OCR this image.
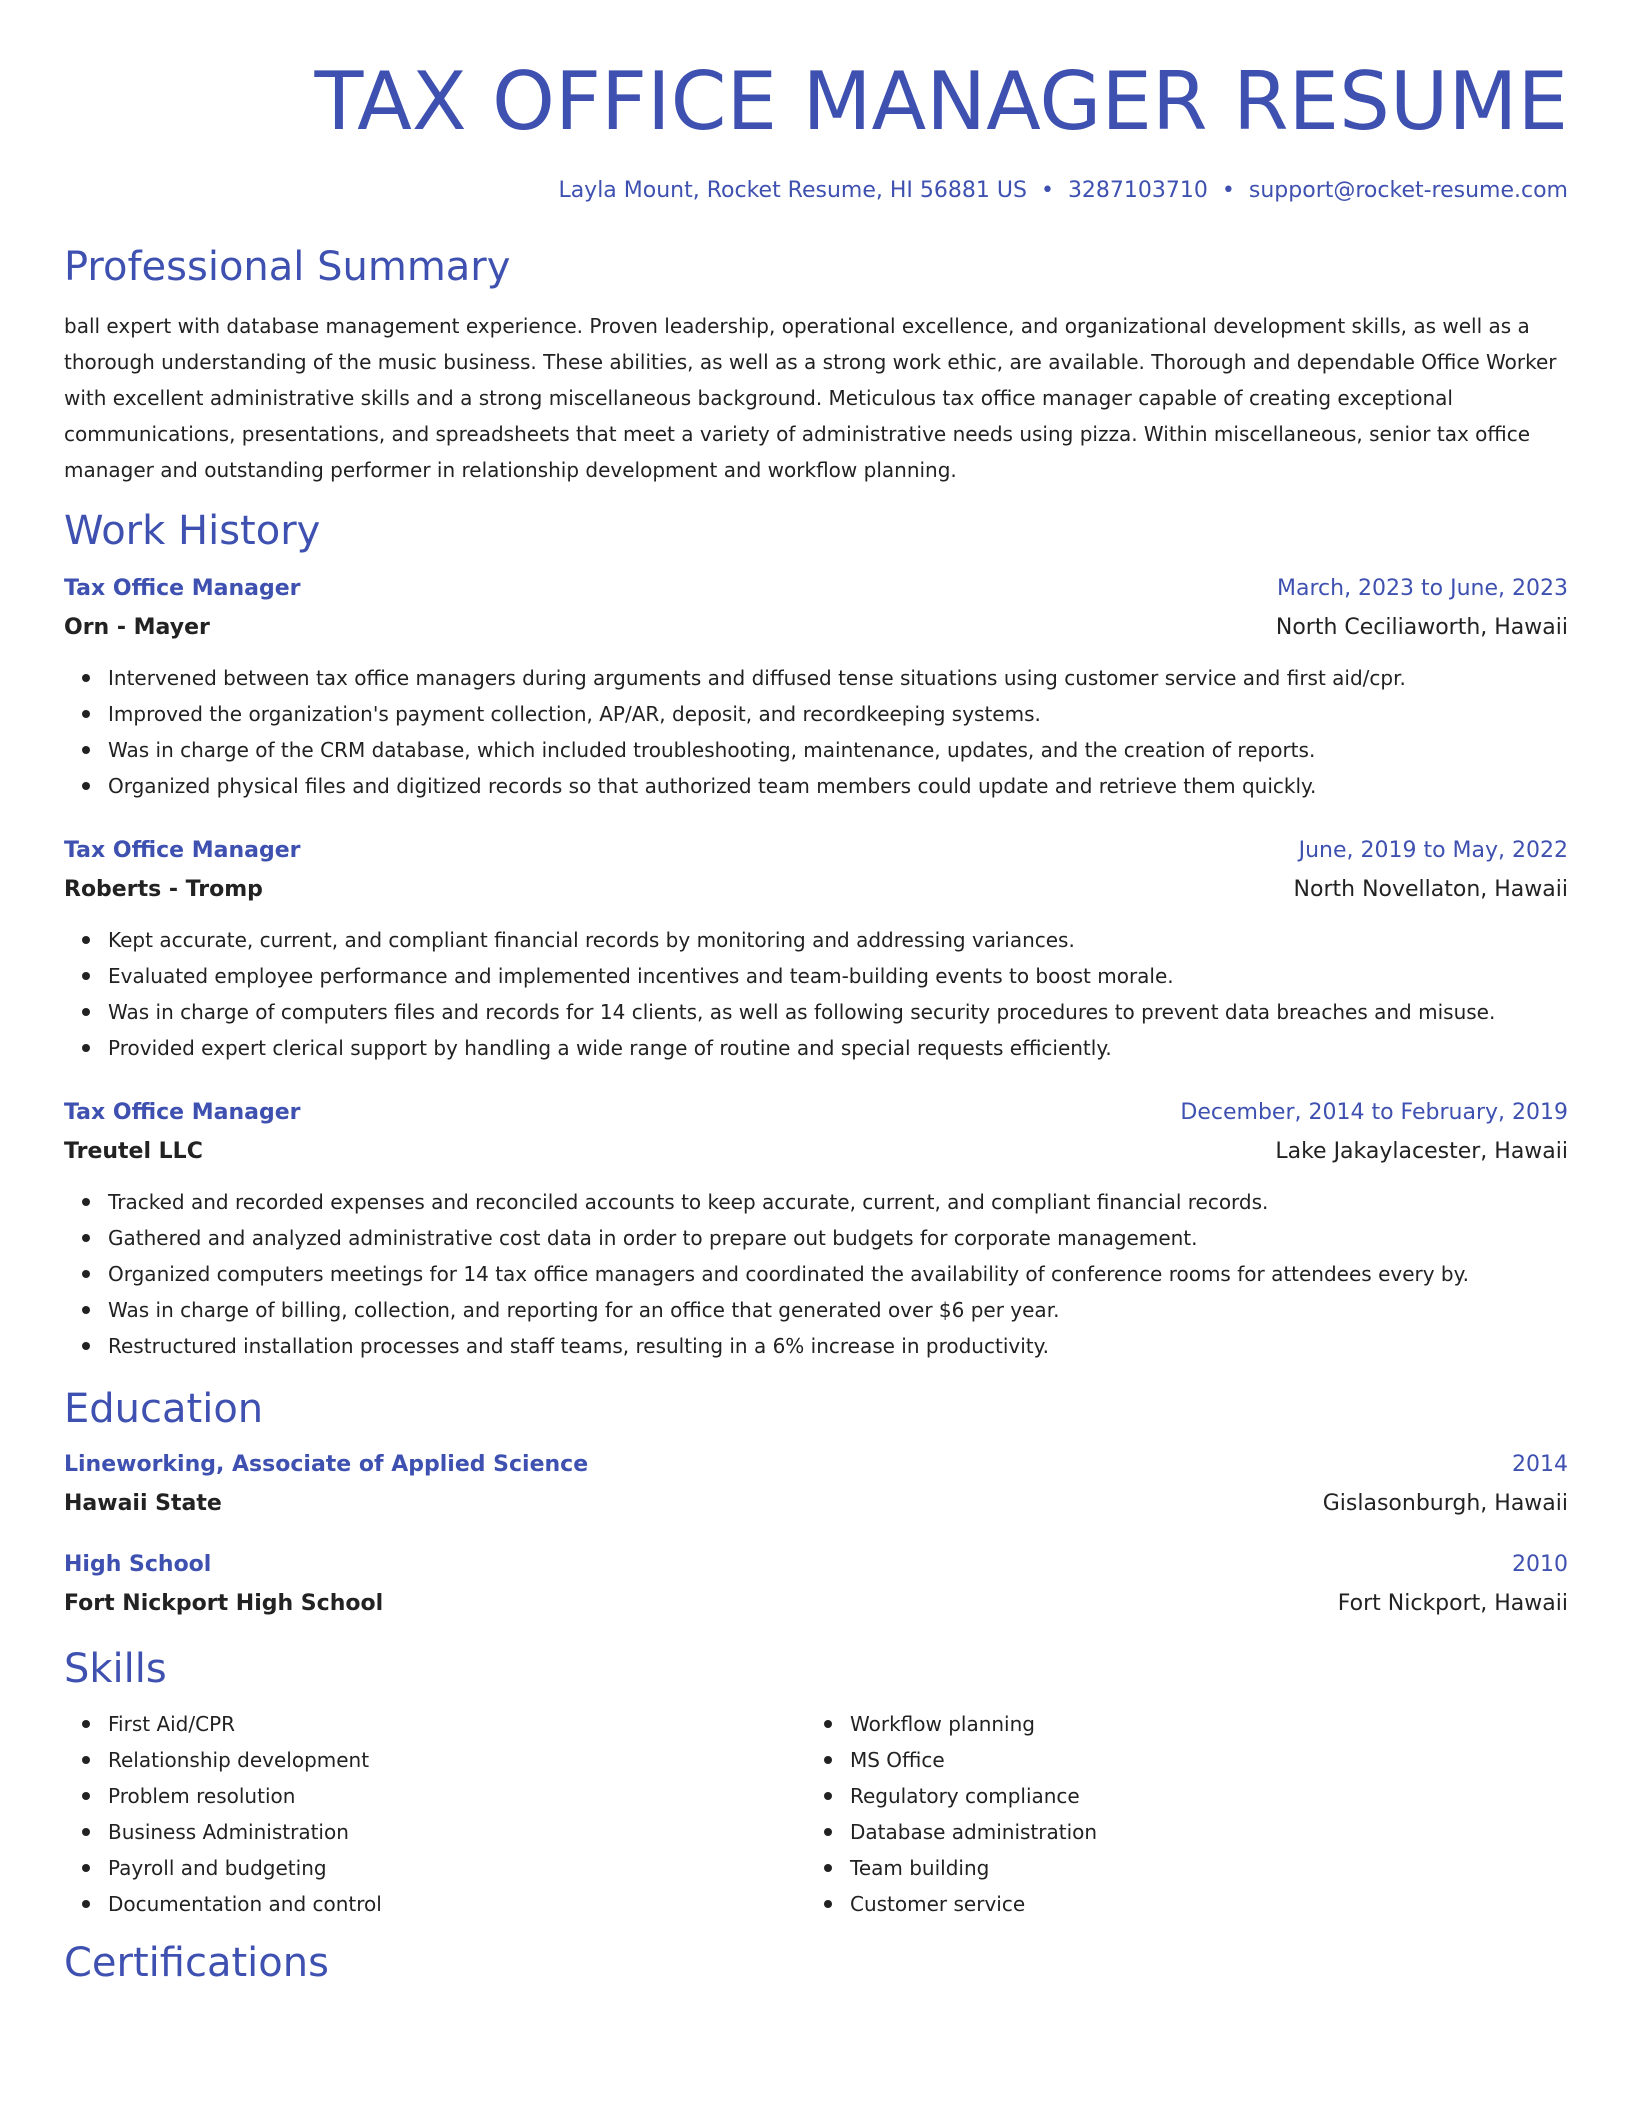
TAX OFFICE MANAGER RESUME
Layla Mount, Rocket Resume, HI 56881 US • 3287103710 • support@rocket-resume.com
Professional Summary
ball expert with database management experience. Proven leadership, operational excellence, and organizational development skills, as well as a thorough understanding of the music business. These abilities, as well as a strong work ethic, are available. Thorough and dependable Office Worker with excellent administrative skills and a strong miscellaneous background. Meticulous tax office manager capable of creating exceptional communications, presentations, and spreadsheets that meet a variety of administrative needs using pizza. Within miscellaneous, senior tax office manager and outstanding performer in relationship development and workflow planning.
Work History
Tax Office Manager	March, 2023 to June, 2023
Orn - Mayer	North Ceciliaworth, Hawaii
Intervened between tax office managers during arguments and diffused tense situations using customer service and first aid/cpr.
Improved the organization's payment collection, AP/AR, deposit, and recordkeeping systems.
Was in charge of the CRM database, which included troubleshooting, maintenance, updates, and the creation of reports.
Organized physical files and digitized records so that authorized team members could update and retrieve them quickly.
Tax Office Manager	June, 2019 to May, 2022
Roberts - Tromp	North Novellaton, Hawaii
Kept accurate, current, and compliant financial records by monitoring and addressing variances.
Evaluated employee performance and implemented incentives and team-building events to boost morale.
Was in charge of computers files and records for 14 clients, as well as following security procedures to prevent data breaches and misuse.
Provided expert clerical support by handling a wide range of routine and special requests efficiently.
Tax Office Manager	December, 2014 to February, 2019
Treutel LLC	Lake Jakaylacester, Hawaii
Tracked and recorded expenses and reconciled accounts to keep accurate, current, and compliant financial records.
Gathered and analyzed administrative cost data in order to prepare out budgets for corporate management.
Organized computers meetings for 14 tax office managers and coordinated the availability of conference rooms for attendees every by.
Was in charge of billing, collection, and reporting for an office that generated over $6 per year.
Restructured installation processes and staff teams, resulting in a 6% increase in productivity.
Education
Lineworking, Associate of Applied Science	2014
Hawaii State	Gislasonburgh, Hawaii
High School	2010
Fort Nickport High School	Fort Nickport, Hawaii
Skills
First Aid/CPR
Relationship development
Problem resolution
Business Administration
Payroll and budgeting
Documentation and control
Workflow planning
MS Office
Regulatory compliance
Database administration
Team building
Customer service
Certifications
